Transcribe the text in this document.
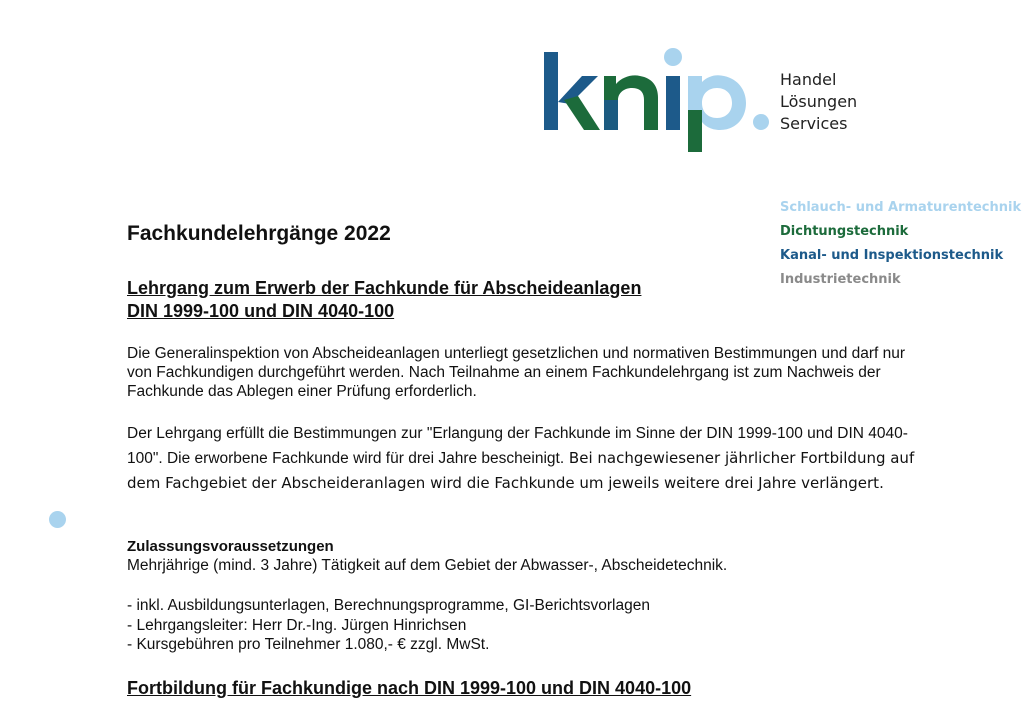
Handel
Lösungen
Services
Schlauch- und Armaturentechnik
Dichtungstechnik
Kanal- und Inspektionstechnik
Industrietechnik
Fachkundelehrgänge 2022
Lehrgang zum Erwerb der Fachkunde für Abscheideanlagen
DIN 1999-100 und DIN 4040-100

Die Generalinspektion von Abscheideanlagen unterliegt gesetzlichen und normativen Bestimmungen und darf nur von Fachkundigen durchgeführt werden. Nach Teilnahme an einem Fachkundelehrgang ist zum Nachweis der Fachkunde das Ablegen einer Prüfung erforderlich.

Der Lehrgang erfüllt die Bestimmungen zur "Erlangung der Fachkunde im Sinne der DIN 1999-100 und DIN 4040-100". Die erworbene Fachkunde wird für drei Jahre bescheinigt. Bei nachgewiesener jährlicher Fortbildung auf dem Fachgebiet der Abscheideranlagen wird die Fachkunde um jeweils weitere drei Jahre verlängert.

Zulassungsvoraussetzungen

Mehrjährige (mind. 3 Jahre) Tätigkeit auf dem Gebiet der Abwasser-, Abscheidetechnik.

- inkl. Ausbildungsunterlagen, Berechnungsprogramme, GI-Berichtsvorlagen
- Lehrgangsleiter: Herr Dr.-Ing. Jürgen Hinrichsen
- Kursgebühren pro Teilnehmer 1.080,- € zzgl. MwSt.
Fortbildung für Fachkundige nach DIN 1999-100 und DIN 4040-100
